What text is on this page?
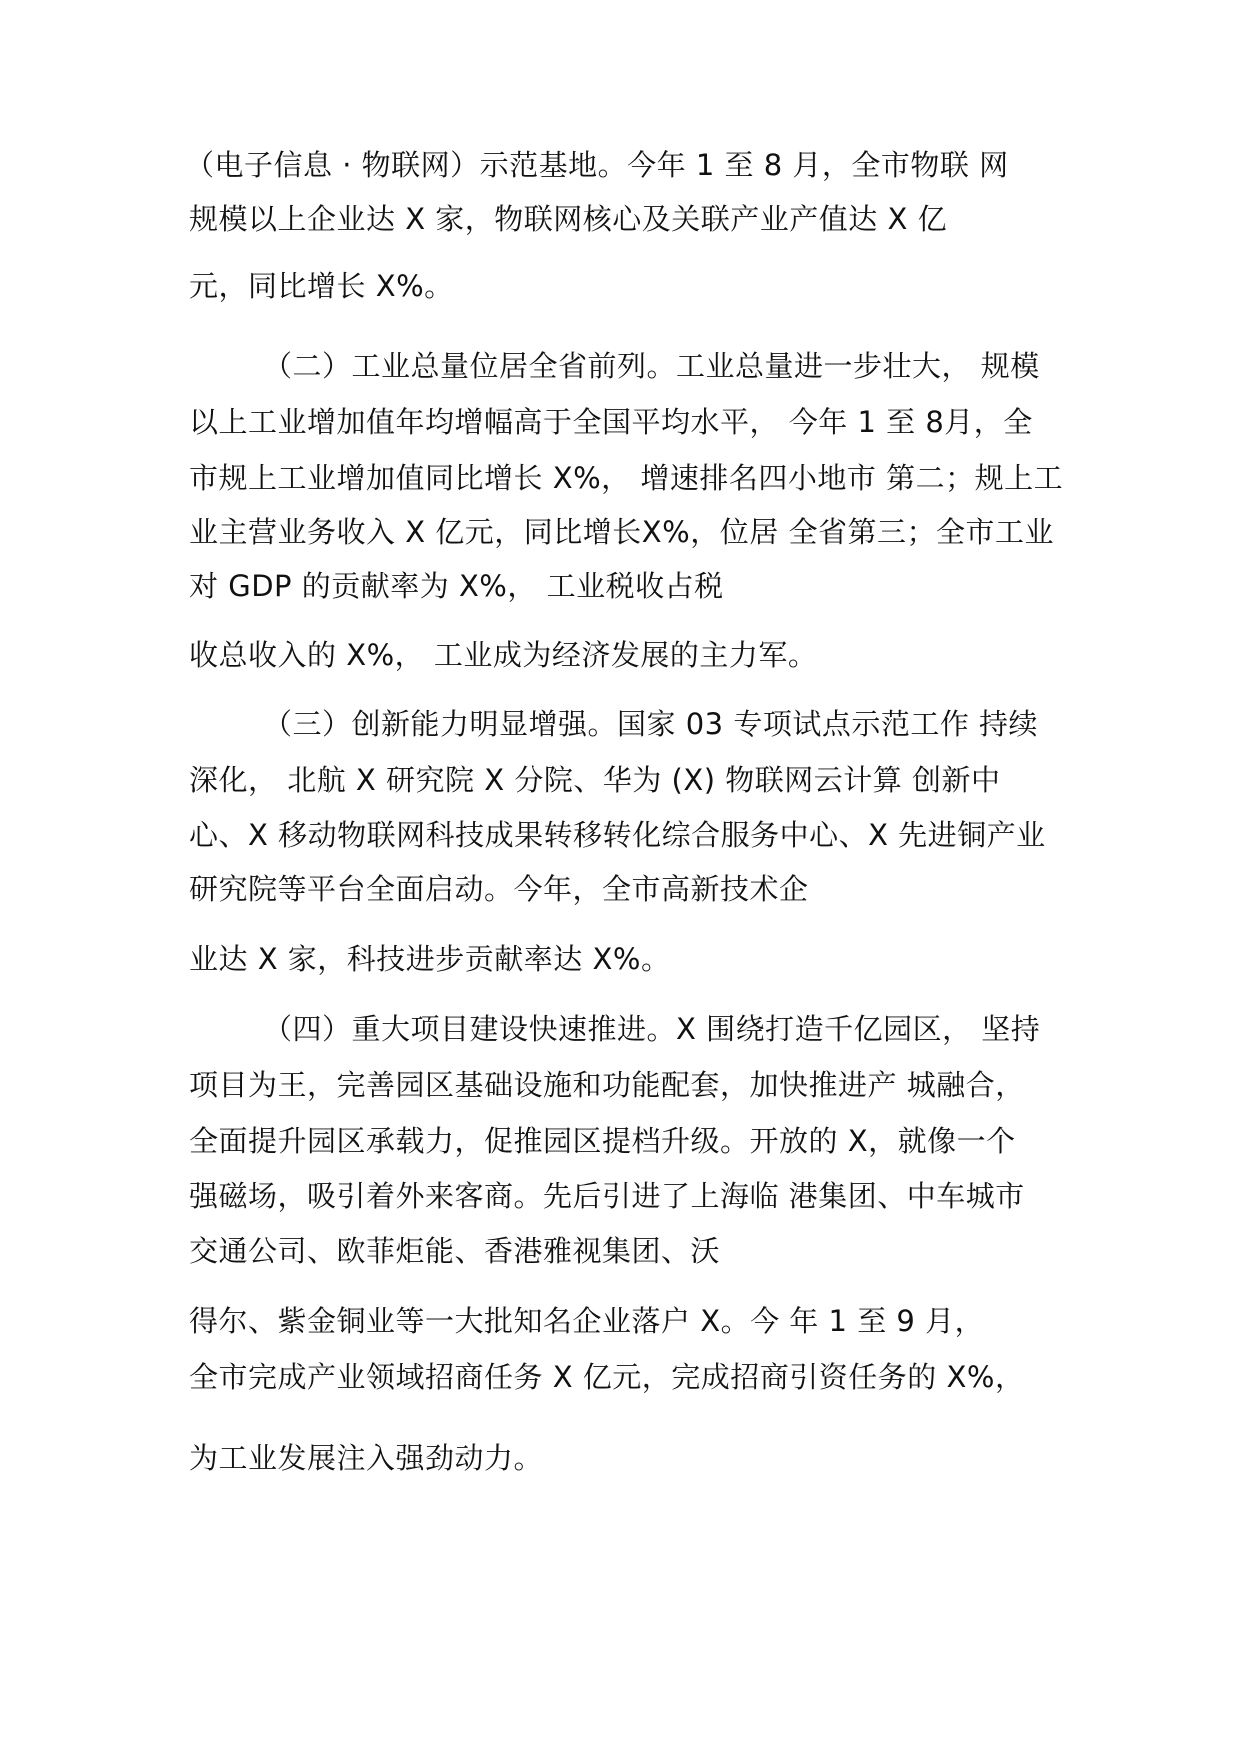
（电子信息 · 物联网）示范基地。今年 1 至 8 月，全市物联 网
规模以上企业达 X 家，物联网核心及关联产业产值达 X 亿
元，同比增长 X%。
（二）工业总量位居全省前列。工业总量进一步壮大， 规模
以上工业增加值年均增幅高于全国平均水平， 今年 1 至 8月，全
市规上工业增加值同比增长 X%， 增速排名四小地市 第二；规上工
业主营业务收入 X 亿元，同比增长X%，位居 全省第三；全市工业
对 GDP 的贡献率为 X%， 工业税收占税
收总收入的 X%， 工业成为经济发展的主力军。
（三）创新能力明显增强。国家 03 专项试点示范工作 持续
深化， 北航 X 研究院 X 分院、华为 (X) 物联网云计算 创新中
心、X 移动物联网科技成果转移转化综合服务中心、X 先进铜产业
研究院等平台全面启动。今年，全市高新技术企
业达 X 家，科技进步贡献率达 X%。
（四）重大项目建设快速推进。X 围绕打造千亿园区， 坚持
项目为王，完善园区基础设施和功能配套，加快推进产 城融合，
全面提升园区承载力，促推园区提档升级。开放的 X，就像一个
强磁场，吸引着外来客商。先后引进了上海临 港集团、中车城市
交通公司、欧菲炬能、香港雅视集团、沃
得尔、紫金铜业等一大批知名企业落户 X。今 年 1 至 9 月，
全市完成产业领域招商任务 X 亿元，完成招商引资任务的 X%，
为工业发展注入强劲动力。
